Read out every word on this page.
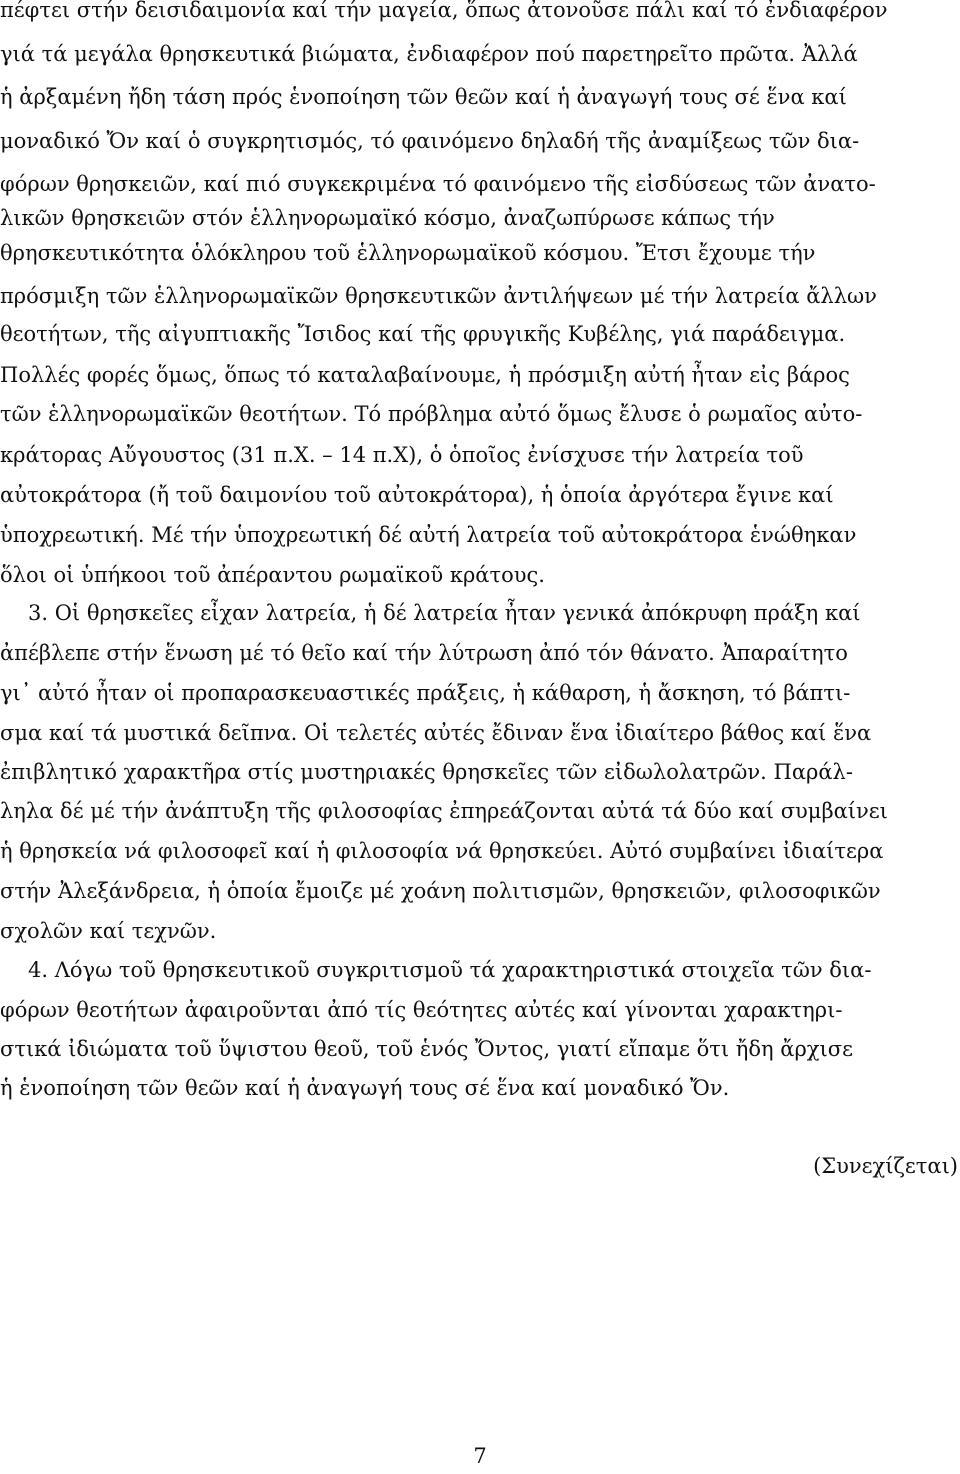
πέφτει στήν δεισιδαιμονία καί τήν μαγεία, ὅπως ἀτονοῦσε πάλι καί τό ἐνδιαφέρον
γιά τά μεγάλα θρησκευτικά βιώματα, ἐνδιαφέρον πού παρετηρεῖτο πρῶτα. Ἀλλά
ἡ ἀρξαμένη ἤδη τάση πρός ἑνοποίηση τῶν θεῶν καί ἡ ἀναγωγή τους σέ ἕνα καί
μοναδικό Ὄν καί ὁ συγκρητισμός, τό φαινόμενο δηλαδή τῆς ἀναμίξεως τῶν δια-
φόρων θρησκειῶν, καί πιό συγκεκριμένα τό φαινόμενο τῆς εἰσδύσεως τῶν ἀνατο-
λικῶν θρησκειῶν στόν ἑλληνορωμαϊκό κόσμο, ἀναζωπύρωσε κάπως τήν
θρησκευτικότητα ὁλόκληρου τοῦ ἑλληνορωμαϊκοῦ κόσμου. Ἔτσι ἔχουμε τήν
πρόσμιξη τῶν ἑλληνορωμαϊκῶν θρησκευτικῶν ἀντιλήψεων μέ τήν λατρεία ἄλλων
θεοτήτων, τῆς αἰγυπτιακῆς Ἴσιδος καί τῆς φρυγικῆς Κυβέλης, γιά παράδειγμα.
Πολλές φορές ὅμως, ὅπως τό καταλαβαίνουμε, ἡ πρόσμιξη αὐτή ἦταν εἰς βάρος
τῶν ἑλληνορωμαϊκῶν θεοτήτων. Τό πρόβλημα αὐτό ὅμως ἔλυσε ὁ ρωμαῖος αὐτο-
κράτορας Αὔγουστος (31 π.Χ. – 14 π.Χ), ὁ ὁποῖος ἐνίσχυσε τήν λατρεία τοῦ
αὐτοκράτορα (ἤ τοῦ δαιμονίου τοῦ αὐτοκράτορα), ἡ ὁποία ἀργότερα ἔγινε καί
ὑποχρεωτική. Μέ τήν ὑποχρεωτική δέ αὐτή λατρεία τοῦ αὐτοκράτορα ἑνώθηκαν
ὅλοι οἱ ὑπήκοοι τοῦ ἀπέραντου ρωμαϊκοῦ κράτους.
3. Οἱ θρησκεῖες εἶχαν λατρεία, ἡ δέ λατρεία ἦταν γενικά ἀπόκρυφη πράξη καί
ἀπέβλεπε στήν ἕνωση μέ τό θεῖο καί τήν λύτρωση ἀπό τόν θάνατο. Ἀπαραίτητο
γι᾽ αὐτό ἦταν οἱ προπαρασκευαστικές πράξεις, ἡ κάθαρση, ἡ ἄσκηση, τό βάπτι-
σμα καί τά μυστικά δεῖπνα. Οἱ τελετές αὐτές ἔδιναν ἕνα ἰδιαίτερο βάθος καί ἕνα
ἐπιβλητικό χαρακτῆρα στίς μυστηριακές θρησκεῖες τῶν εἰδωλολατρῶν. Παράλ-
ληλα δέ μέ τήν ἀνάπτυξη τῆς φιλοσοφίας ἐπηρεάζονται αὐτά τά δύο καί συμβαίνει
ἡ θρησκεία νά φιλοσοφεῖ καί ἡ φιλοσοφία νά θρησκεύει. Αὐτό συμβαίνει ἰδιαίτερα
στήν Ἀλεξάνδρεια, ἡ ὁποία ἔμοιζε μέ χοάνη πολιτισμῶν, θρησκειῶν, φιλοσοφικῶν
σχολῶν καί τεχνῶν.
4. Λόγω τοῦ θρησκευτικοῦ συγκριτισμοῦ τά χαρακτηριστικά στοιχεῖα τῶν δια-
φόρων θεοτήτων ἀφαιροῦνται ἀπό τίς θεότητες αὐτές καί γίνονται χαρακτηρι-
στικά ἰδιώματα τοῦ ὕψιστου θεοῦ, τοῦ ἑνός Ὄντος, γιατί εἴπαμε ὅτι ἤδη ἄρχισε
ἡ ἑνοποίηση τῶν θεῶν καί ἡ ἀναγωγή τους σέ ἕνα καί μοναδικό Ὄν.
(Συνεχίζεται)
7
